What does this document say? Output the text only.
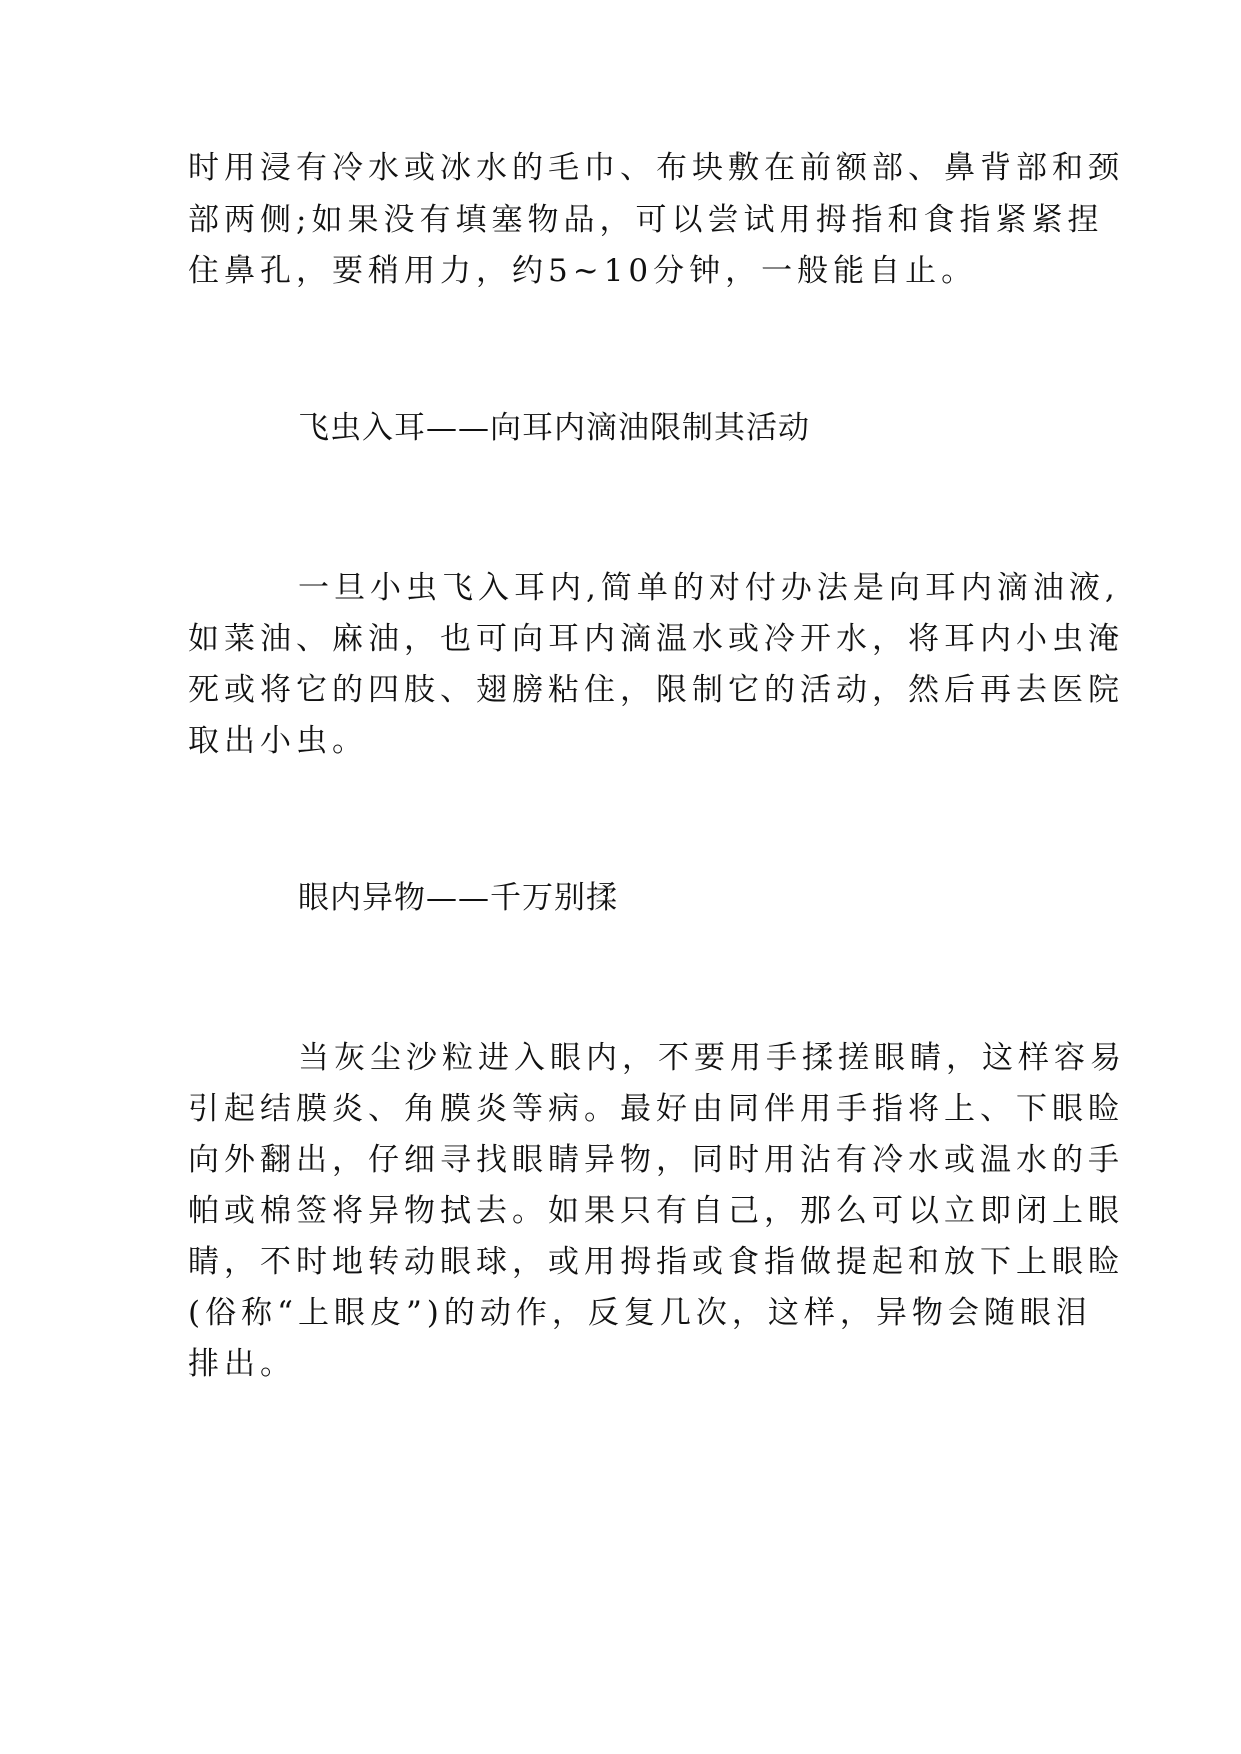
时用浸有冷水或冰水的毛巾、布块敷在前额部、鼻背部和颈
部两侧;如果没有填塞物品，可以尝试用拇指和食指紧紧捏
住鼻孔，要稍用力，约5~10分钟，一般能自止。
飞虫入耳——向耳内滴油限制其活动
一旦小虫飞入耳内,简单的对付办法是向耳内滴油液,
如菜油、麻油，也可向耳内滴温水或冷开水，将耳内小虫淹
死或将它的四肢、翅膀粘住，限制它的活动，然后再去医院
取出小虫。
眼内异物——千万别揉
当灰尘沙粒进入眼内，不要用手揉搓眼睛，这样容易
引起结膜炎、角膜炎等病。最好由同伴用手指将上、下眼睑
向外翻出，仔细寻找眼睛异物，同时用沾有冷水或温水的手
帕或棉签将异物拭去。如果只有自己，那么可以立即闭上眼
睛，不时地转动眼球，或用拇指或食指做提起和放下上眼睑
(俗称“上眼皮”)的动作，反复几次，这样，异物会随眼泪
排出。
